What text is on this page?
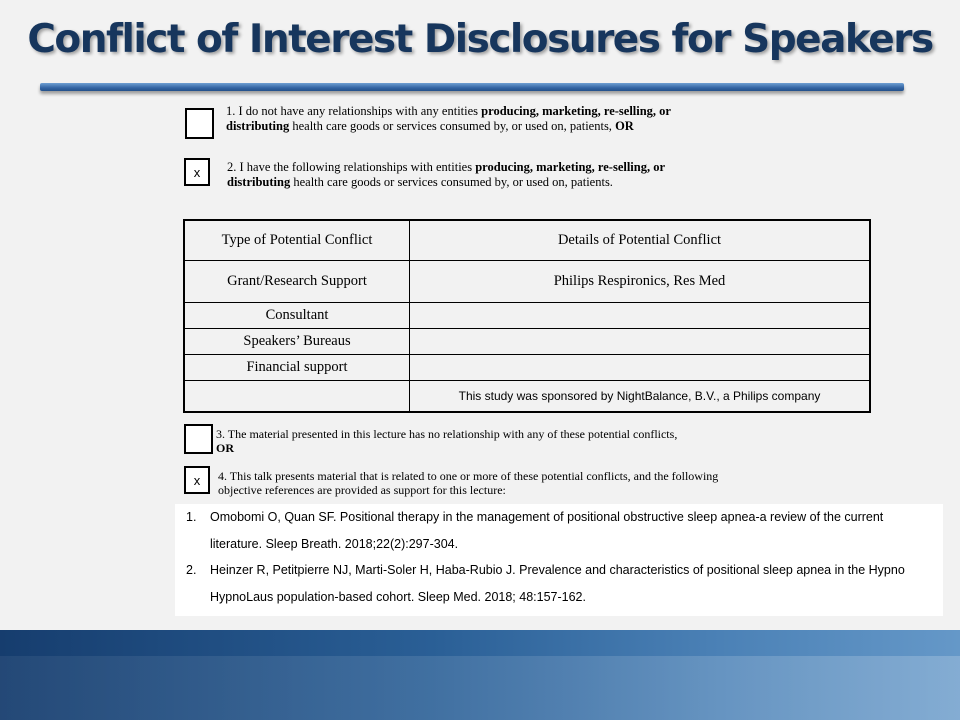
Conflict of Interest Disclosures for Speakers
1. I do not have any relationships with any entities producing, marketing, re-selling, or distributing health care goods or services consumed by, or used on, patients, OR
x	2. I have the following relationships with entities producing, marketing, re-selling, or distributing health care goods or services consumed by, or used on, patients.
Type of Potential Conflict	Details of Potential Conflict
Grant/Research Support	Philips Respironics, Res Med
Consultant	
Speakers’ Bureaus	
Financial support	
	This study was sponsored by NightBalance, B.V., a Philips company
3. The material presented in this lecture has no relationship with any of these potential conflicts,
OR
x	4. This talk presents material that is related to one or more of these potential conflicts, and the following objective references are provided as support for this lecture:
1. Omobomi O, Quan SF. Positional therapy in the management of positional obstructive sleep apnea-a review of the current literature. Sleep Breath. 2018;22(2):297-304.
2. Heinzer R, Petitpierre NJ, Marti-Soler H, Haba-Rubio J. Prevalence and characteristics of positional sleep apnea in the Hypno HypnoLaus population-based cohort. Sleep Med. 2018; 48:157-162.
